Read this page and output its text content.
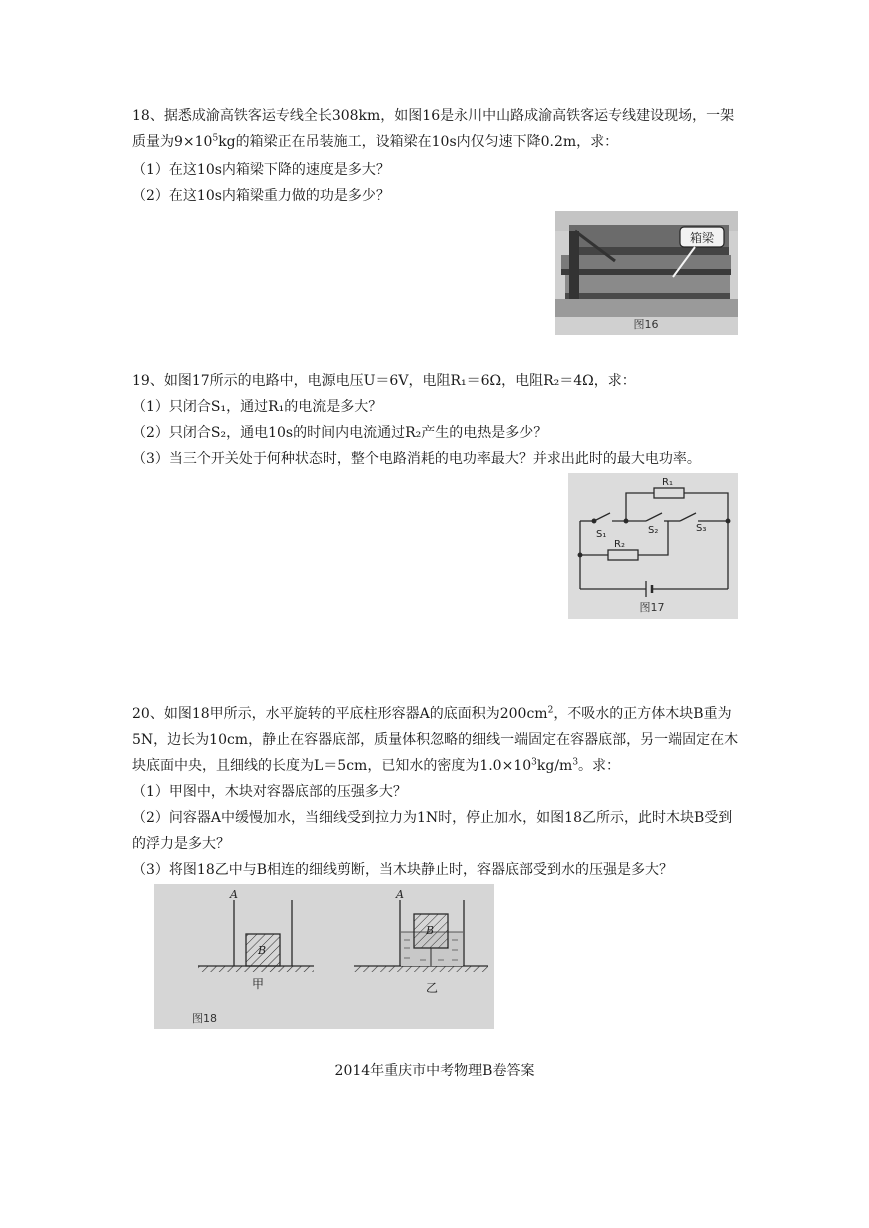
18、据悉成渝高铁客运专线全长308km，如图16是永川中山路成渝高铁客运专线建设现场，一架质量为$9\times 10^5kg$的箱梁正在吊装施工，设箱梁在10s内仅匀速下降0.2m，求：

（1）在这10s内箱梁下降的速度是多大？

（2）在这10s内箱梁重力做的功是多少？

箱梁
图16

19、如图17所示的电路中，电源电压U＝6V，电阻R₁＝6Ω，电阻R₂＝4Ω，求：

（1）只闭合S₁，通过R₁的电流是多大？

（2）只闭合S₂，通电10s的时间内电流通过R₂产生的电热是多少？

（3）当三个开关处于何种状态时，整个电路消耗的电功率最大？并求出此时的最大电功率。

R₁
S₁	S₂	S₃
R₂
图17

20、如图18甲所示，水平旋转的平底柱形容器A的底面积为$200cm^2$，不吸水的正方体木块B重为5N，边长为10cm，静止在容器底部，质量体积忽略的细线一端固定在容器底部，另一端固定在木块底面中央，且细线的长度为L＝5cm，已知水的密度为$1.0\times 10^3kg/m^3$。求：

（1）甲图中，木块对容器底部的压强多大？

（2）问容器A中缓慢加水，当细线受到拉力为1N时，停止加水，如图18乙所示，此时木块B受到的浮力是多大？

（3）将图18乙中与B相连的细线剪断，当木块静止时，容器底部受到水的压强是多大？

A
B
A
B
甲	乙
图18
2014年重庆市中考物理B卷答案
